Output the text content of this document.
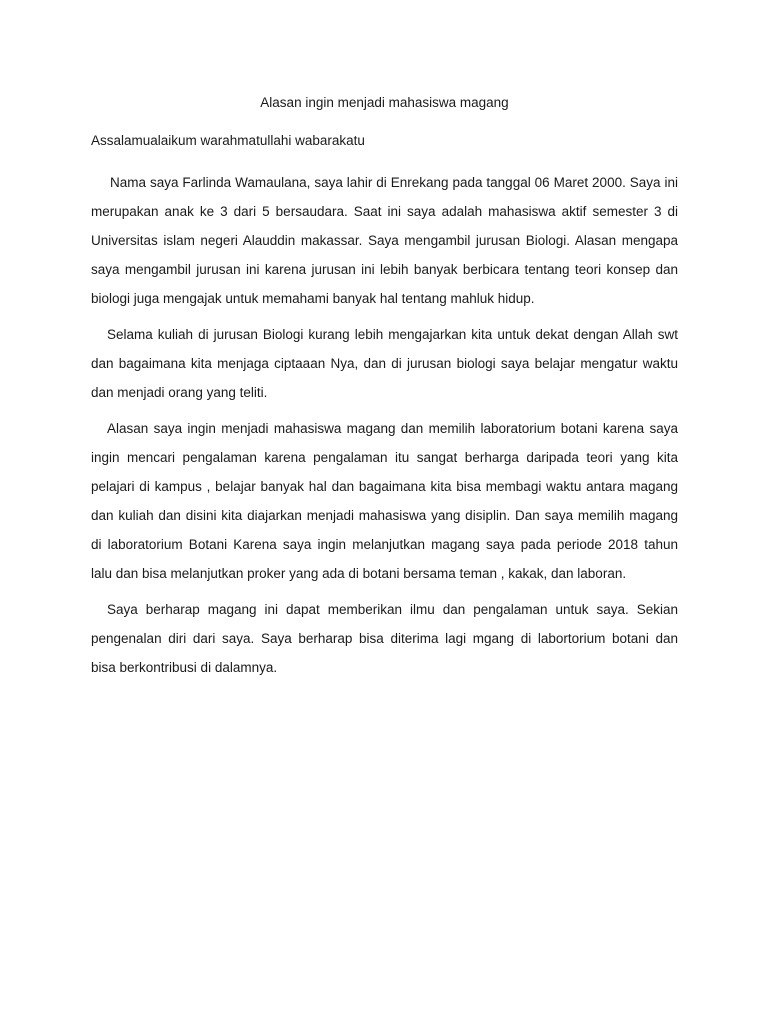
Alasan ingin menjadi mahasiswa magang
Assalamualaikum warahmatullahi wabarakatu
Nama saya Farlinda Wamaulana, saya lahir di Enrekang pada tanggal 06 Maret 2000. Saya ini
merupakan anak ke 3 dari 5 bersaudara. Saat ini saya adalah mahasiswa aktif semester 3 di
Universitas islam negeri Alauddin makassar. Saya mengambil jurusan Biologi. Alasan mengapa
saya mengambil jurusan ini karena jurusan ini lebih banyak berbicara tentang teori konsep dan
biologi juga mengajak untuk memahami banyak hal tentang mahluk hidup.
Selama kuliah di jurusan Biologi kurang lebih mengajarkan kita untuk dekat dengan Allah swt
dan bagaimana kita menjaga ciptaaan Nya, dan di jurusan biologi saya belajar mengatur waktu
dan menjadi orang yang teliti.
Alasan saya ingin menjadi mahasiswa magang dan memilih laboratorium botani karena saya
ingin mencari pengalaman karena pengalaman itu sangat berharga daripada teori yang kita
pelajari di kampus , belajar banyak hal dan bagaimana kita bisa membagi waktu antara magang
dan kuliah dan disini kita diajarkan menjadi mahasiswa yang disiplin. Dan saya memilih magang
di laboratorium Botani Karena saya ingin melanjutkan magang saya pada periode 2018 tahun
lalu dan bisa melanjutkan proker yang ada di botani bersama teman , kakak, dan laboran.
Saya berharap magang ini dapat memberikan ilmu dan pengalaman untuk saya. Sekian
pengenalan diri dari saya. Saya berharap bisa diterima lagi mgang di labortorium botani dan
bisa berkontribusi di dalamnya.
